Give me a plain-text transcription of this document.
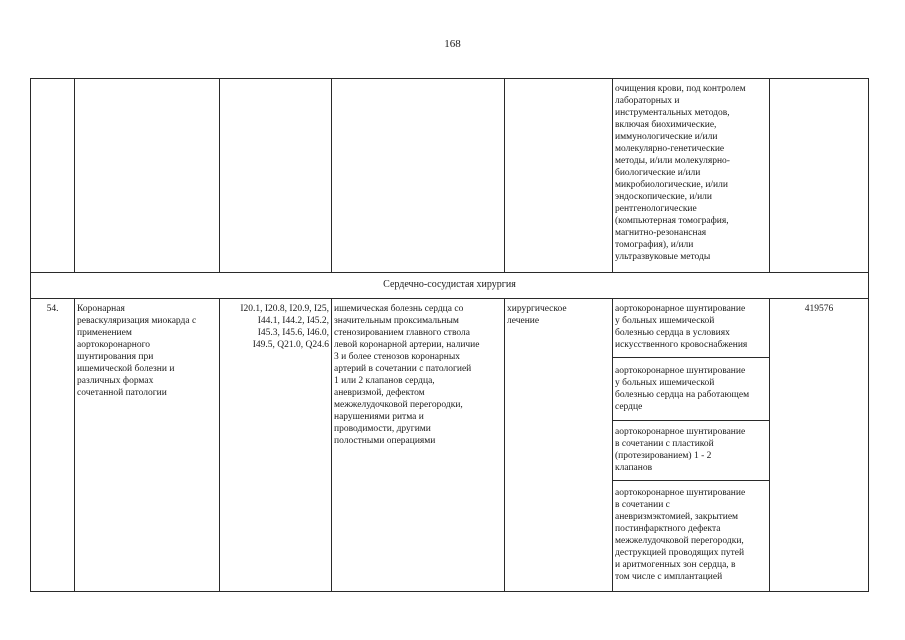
168
очищения крови, под контролем
лабораторных и
инструментальных методов,
включая биохимические,
иммунологические и/или
молекулярно-генетические
методы, и/или молекулярно-
биологические и/или
микробиологические, и/или
эндоскопические, и/или
рентгенологические
(компьютерная томография,
магнитно-резонансная
томография), и/или
ультразвуковые методы
Сердечно-сосудистая хирургия
54.	Коронарная
реваскуляризация миокарда с
применением
аортокоронарного
шунтирования при
ишемической болезни и
различных формах
сочетанной патологии
I20.1, I20.8, I20.9, I25,
I44.1, I44.2, I45.2,
I45.3, I45.6, I46.0,
I49.5, Q21.0, Q24.6
ишемическая болезнь сердца со
значительным проксимальным
стенозированием главного ствола
левой коронарной артерии, наличие
3 и более стенозов коронарных
артерий в сочетании с патологией
1 или 2 клапанов сердца,
аневризмой, дефектом
межжелудочковой перегородки,
нарушениями ритма и
проводимости, другими
полостными операциями
хирургическое
лечение
аортокоронарное шунтирование
у больных ишемической
болезнью сердца в условиях
искусственного кровоснабжения
аортокоронарное шунтирование
у больных ишемической
болезнью сердца на работающем
сердце
аортокоронарное шунтирование
в сочетании с пластикой
(протезированием) 1 - 2
клапанов
аортокоронарное шунтирование
в сочетании с
аневризмэктомией, закрытием
постинфарктного дефекта
межжелудочковой перегородки,
деструкцией проводящих путей
и аритмогенных зон сердца, в
том числе с имплантацией
419576
